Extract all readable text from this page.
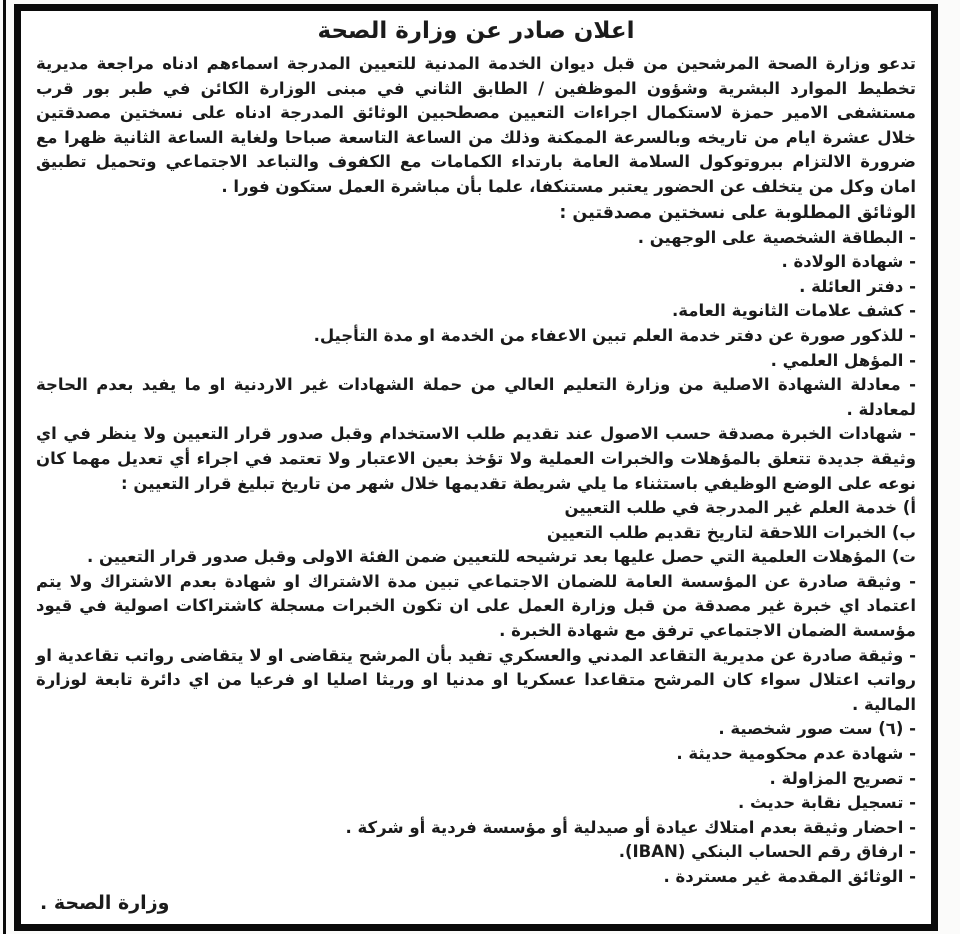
اعلان صادر عن وزارة الصحة

تدعو وزارة الصحة المرشحين من قبل ديوان الخدمة المدنية للتعيين المدرجة اسماءهم ادناه مراجعة مديرية تخطيط الموارد البشرية وشؤون الموظفين / الطابق الثاني في مبنى الوزارة الكائن في طبر بور قرب مستشفى الامير حمزة لاستكمال اجراءات التعيين مصطحبين الوثائق المدرجة ادناه على نسختين مصدقتين خلال عشرة ايام من تاريخه وبالسرعة الممكنة وذلك من الساعة التاسعة صباحا ولغاية الساعة الثانية ظهرا مع ضرورة الالتزام ببروتوكول السلامة العامة بارتداء الكمامات مع الكفوف والتباعد الاجتماعي وتحميل تطبيق امان وكل من يتخلف عن الحضور يعتبر مستنكفا، علما بأن مباشرة العمل ستكون فورا .

الوثائق المطلوبة على نسختين مصدقتين :
- البطاقة الشخصية على الوجهين .
- شهادة الولادة .
- دفتر العائلة .
- كشف علامات الثانوية العامة.
- للذكور صورة عن دفتر خدمة العلم تبين الاعفاء من الخدمة او مدة التأجيل.
- المؤهل العلمي .
- معادلة الشهادة الاصلية من وزارة التعليم العالي من حملة الشهادات غير الاردنية او ما يفيد بعدم الحاجة لمعادلة .
- شهادات الخبرة مصدقة حسب الاصول عند تقديم طلب الاستخدام وقبل صدور قرار التعيين ولا ينظر في اي وثيقة جديدة تتعلق بالمؤهلات والخبرات العملية ولا تؤخذ بعين الاعتبار ولا تعتمد في اجراء أي تعديل مهما كان نوعه على الوضع الوظيفي باستثناء ما يلي شريطة تقديمها خلال شهر من تاريخ تبليغ قرار التعيين :
أ) خدمة العلم غير المدرجة في طلب التعيين
ب) الخبرات اللاحقة لتاريخ تقديم طلب التعيين
ت) المؤهلات العلمية التي حصل عليها بعد ترشيحه للتعيين ضمن الفئة الاولى وقبل صدور قرار التعيين .
- وثيقة صادرة عن المؤسسة العامة للضمان الاجتماعي تبين مدة الاشتراك او شهادة بعدم الاشتراك ولا يتم اعتماد اي خبرة غير مصدقة من قبل وزارة العمل على ان تكون الخبرات مسجلة كاشتراكات اصولية في قيود مؤسسة الضمان الاجتماعي ترفق مع شهادة الخبرة .
- وثيقة صادرة عن مديرية التقاعد المدني والعسكري تفيد بأن المرشح يتقاضى او لا يتقاضى رواتب تقاعدية او رواتب اعتلال سواء كان المرشح متقاعدا عسكريا او مدنيا او وريثا اصليا او فرعيا من اي دائرة تابعة لوزارة المالية .
- (٦) ست صور شخصية .
- شهادة عدم محكومية حديثة .
- تصريح المزاولة .
- تسجيل نقابة حديث .
- احضار وثيقة بعدم امتلاك عيادة أو صيدلية أو مؤسسة فردية أو شركة .
- ارفاق رقم الحساب البنكي (IBAN).
- الوثائق المقدمة غير مستردة .
وزارة الصحة .
